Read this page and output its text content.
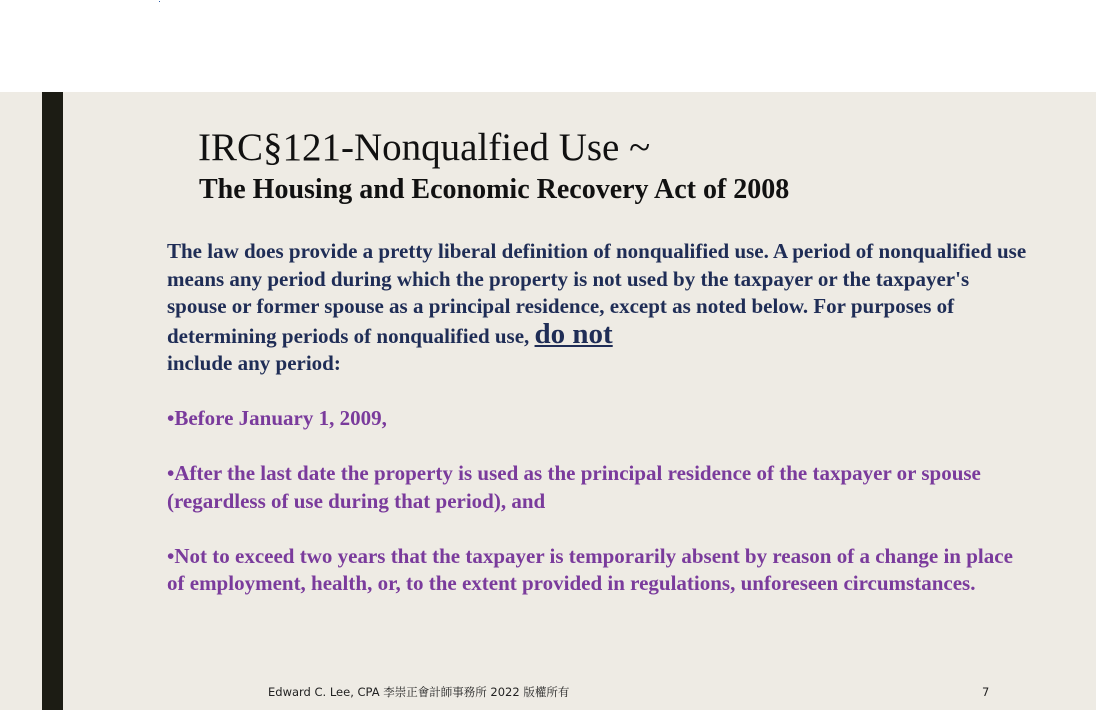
IRC§121-Nonqualfied Use ~
The Housing and Economic Recovery Act of 2008

The law does provide a pretty liberal definition of nonqualified use. A period of nonqualified use means any period during which the property is not used by the taxpayer or the taxpayer's spouse or former spouse as a principal residence, except as noted below. For purposes of determining periods of nonqualified use, do not
include any period:

•Before January 1, 2009,

•After the last date the property is used as the principal residence of the taxpayer or spouse (regardless of use during that period), and

•Not to exceed two years that the taxpayer is temporarily absent by reason of a change in place of employment, health, or, to the extent provided in regulations, unforeseen circumstances.

Edward C. Lee, CPA 李崇正會計師事務所 2022 版權所有	7
